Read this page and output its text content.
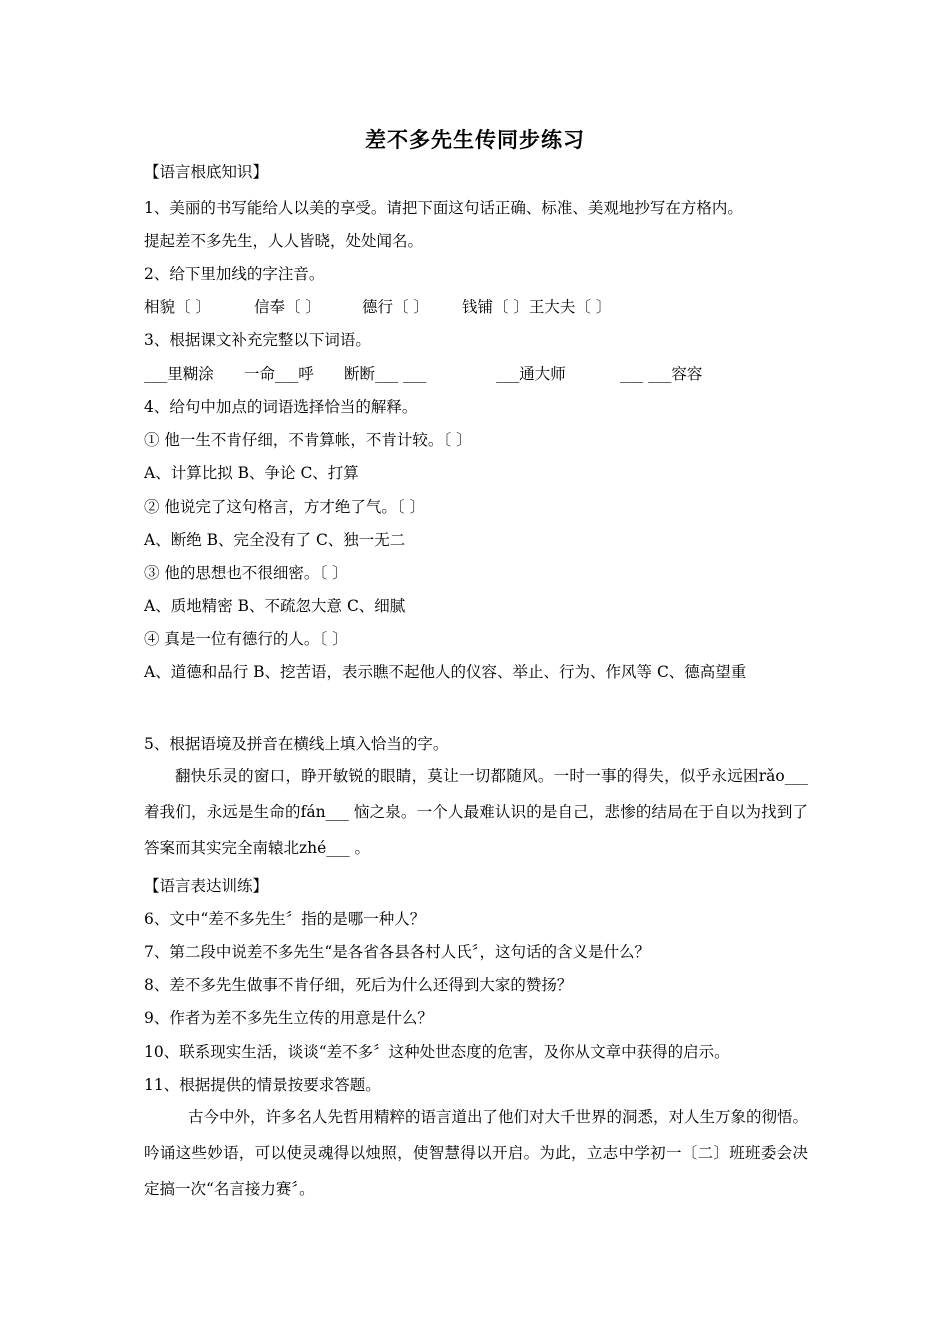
差不多先生传同步练习
【语言根底知识】
1、美丽的书写能给人以美的享受。请把下面这句话正确、标准、美观地抄写在方格内。
提起差不多先生，人人皆晓，处处闻名。
2、给下里加线的字注音。
相貌〔 〕	信奉〔 〕	德行〔 〕 钱铺〔 〕王大夫〔 〕
3、根据课文补充完整以下词语。
___里糊涂 一命___呼 断断___ ___	___通大师	___ ___容容
4、给句中加点的词语选择恰当的解释。
① 他一生不肯仔细，不肯算帐，不肯计较。〔 〕
A、计算比拟 B、争论 C、打算
② 他说完了这句格言，方才绝了气。〔 〕
A、断绝 B、完全没有了 C、独一无二
③ 他的思想也不很细密。〔 〕
A、质地精密 B、不疏忽大意 C、细腻
④ 真是一位有德行的人。〔 〕
A、道德和品行 B、挖苦语，表示瞧不起他人的仪容、举止、行为、作风等 C、德高望重
5、根据语境及拼音在横线上填入恰当的字。
翻快乐灵的窗口，睁开敏锐的眼睛，莫让一切都随风。一时一事的得失，似乎永远困rǎo___ 着我们，永远是生命的fán___ 恼之泉。一个人最难认识的是自己，悲惨的结局在于自以为找到了答案而其实完全南辕北zhé___ 。
【语言表达训练】
6、文中“差不多先生〞指的是哪一种人？
7、第二段中说差不多先生“是各省各县各村人氏〞，这句话的含义是什么？
8、差不多先生做事不肯仔细，死后为什么还得到大家的赞扬？
9、作者为差不多先生立传的用意是什么？
10、联系现实生活，谈谈“差不多〞这种处世态度的危害，及你从文章中获得的启示。
11、根据提供的情景按要求答题。
古今中外，许多名人先哲用精粹的语言道出了他们对大千世界的洞悉，对人生万象的彻悟。吟诵这些妙语，可以使灵魂得以烛照，使智慧得以开启。为此，立志中学初一〔二〕班班委会决定搞一次“名言接力赛〞。
